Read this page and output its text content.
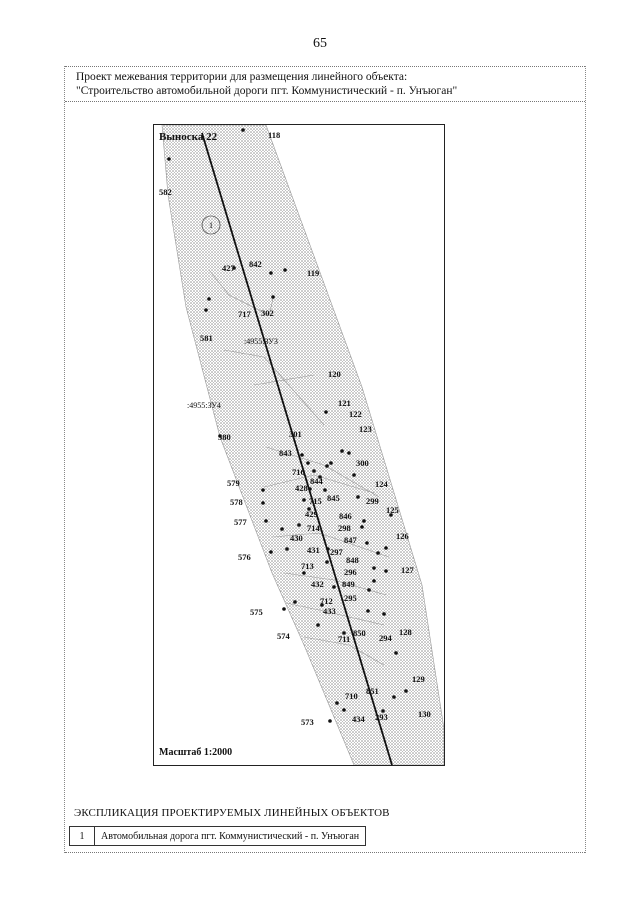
65
Проект межевания территории для размещения линейного объекта:
"Строительство автомобильной дороги пгт. Коммунистический - п. Унъюган"
1
Выноска 22
:4955:ЗУ3
:4955:ЗУ4
118
582
427 842
119
717 302
581
120
121
122
123
580	301
843
300
716
844
428	124
579
578	715 845	299
429	846
125
577
714 298
430	847	126
576
431 297
848
713
296	127
432 849
295
712
575	433
850	128
574	711	294
129
851
710
130
573	434 293
Масштаб 1:2000
ЭКСПЛИКАЦИЯ ПРОЕКТИРУЕМЫХ ЛИНЕЙНЫХ ОБЪЕКТОВ
1	Автомобильная дорога пгт. Коммунистический - п. Унъюган
